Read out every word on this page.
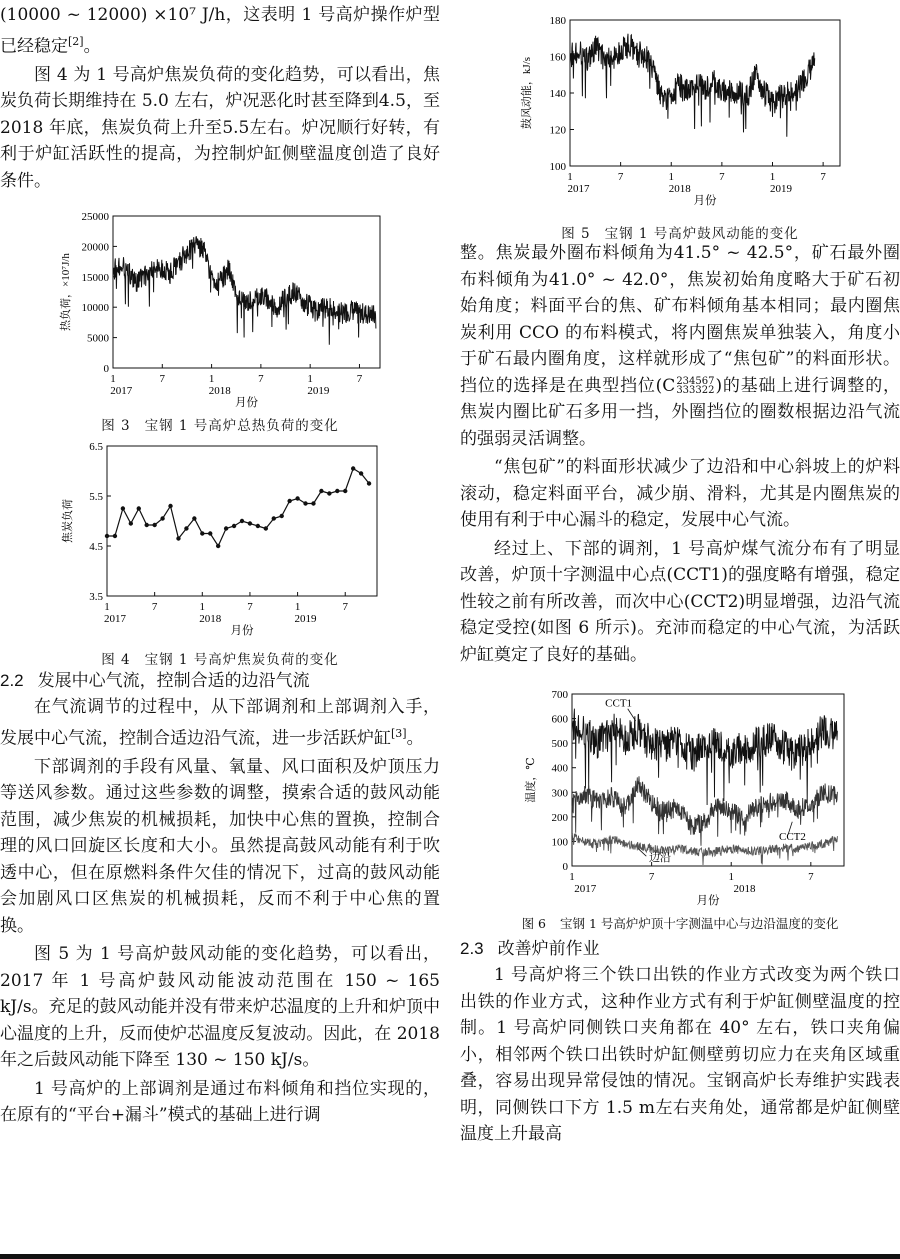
(10000 ~ 12000) ×10⁷ J/h，这表明 1 号高炉操作炉型已经稳定[2]。

图 4 为 1 号高炉焦炭负荷的变化趋势，可以看出，焦炭负荷长期维持在 5.0 左右，炉况恶化时甚至降到4.5，至 2018 年底，焦炭负荷上升至5.5左右。炉况顺行好转，有利于炉缸活跃性的提高，为控制炉缸侧壁温度创造了良好条件。

0
5000
10000
15000
20000
25000
1	7	1	7	1	7
2017	2018	2019
月份
热负荷，×10⁷J/h
图 3 宝钢 1 号高炉总热负荷的变化
3.5
4.5
5.5
6.5
1	7	1	7	1	7
2017	2018	2019
月份
焦炭负荷
图 4 宝钢 1 号高炉焦炭负荷的变化
2.2 发展中心气流，控制合适的边沿气流

在气流调节的过程中，从下部调剂和上部调剂入手，发展中心气流，控制合适边沿气流，进一步活跃炉缸[3]。

下部调剂的手段有风量、氧量、风口面积及炉顶压力等送风参数。通过这些参数的调整，摸索合适的鼓风动能范围，减少焦炭的机械损耗，加快中心焦的置换，控制合理的风口回旋区长度和大小。虽然提高鼓风动能有利于吹透中心，但在原燃料条件欠佳的情况下，过高的鼓风动能会加剧风口区焦炭的机械损耗，反而不利于中心焦的置换。

图 5 为 1 号高炉鼓风动能的变化趋势，可以看出，2017 年 1 号高炉鼓风动能波动范围在 150 ~ 165 kJ/s。充足的鼓风动能并没有带来炉芯温度的上升和炉顶中心温度的上升，反而使炉芯温度反复波动。因此，在 2018 年之后鼓风动能下降至 130 ~ 150 kJ/s。

1 号高炉的上部调剂是通过布料倾角和挡位实现的，在原有的“平台+漏斗”模式的基础上进行调

100
120
140
160
180
1	7	1	7	1	7
2017	2018	2019
月份
鼓风动能，kJ/s
图 5 宝钢 1 号高炉鼓风动能的变化

整。焦炭最外圈布料倾角为41.5° ~ 42.5°，矿石最外圈布料倾角为41.0° ~ 42.0°，焦炭初始角度略大于矿石初始角度；料面平台的焦、矿布料倾角基本相同；最内圈焦炭利用 CCO 的布料模式，将内圈焦炭单独装入，角度小于矿石最内圈角度，这样就形成了“焦包矿”的料面形状。挡位的选择是在典型挡位(C 234567
333322 )的基础上进行调整的，焦炭内圈比矿石多用一挡，外圈挡位的圈数根据边沿气流的强弱灵活调整。

“焦包矿”的料面形状减少了边沿和中心斜坡上的炉料滚动，稳定料面平台，减少崩、滑料，尤其是内圈焦炭的使用有利于中心漏斗的稳定，发展中心气流。

经过上、下部的调剂，1 号高炉煤气流分布有了明显改善，炉顶十字测温中心点(CCT1)的强度略有增强，稳定性较之前有所改善，而次中心(CCT2)明显增强，边沿气流稳定受控(如图 6 所示)。充沛而稳定的中心气流，为活跃炉缸奠定了良好的基础。

0
100
200
300
400
500
600
700
1	7	1	7
2017	2018
月份
温度，℃
CCT1
CCT2
边沿
图 6 宝钢 1 号高炉炉顶十字测温中心与边沿温度的变化
2.3 改善炉前作业

1 号高炉将三个铁口出铁的作业方式改变为两个铁口出铁的作业方式，这种作业方式有利于炉缸侧壁温度的控制。1 号高炉同侧铁口夹角都在 40° 左右，铁口夹角偏小，相邻两个铁口出铁时炉缸侧壁剪切应力在夹角区域重叠，容易出现异常侵蚀的情况。宝钢高炉长寿维护实践表明，同侧铁口下方 1.5 m左右夹角处，通常都是炉缸侧壁温度上升最高
